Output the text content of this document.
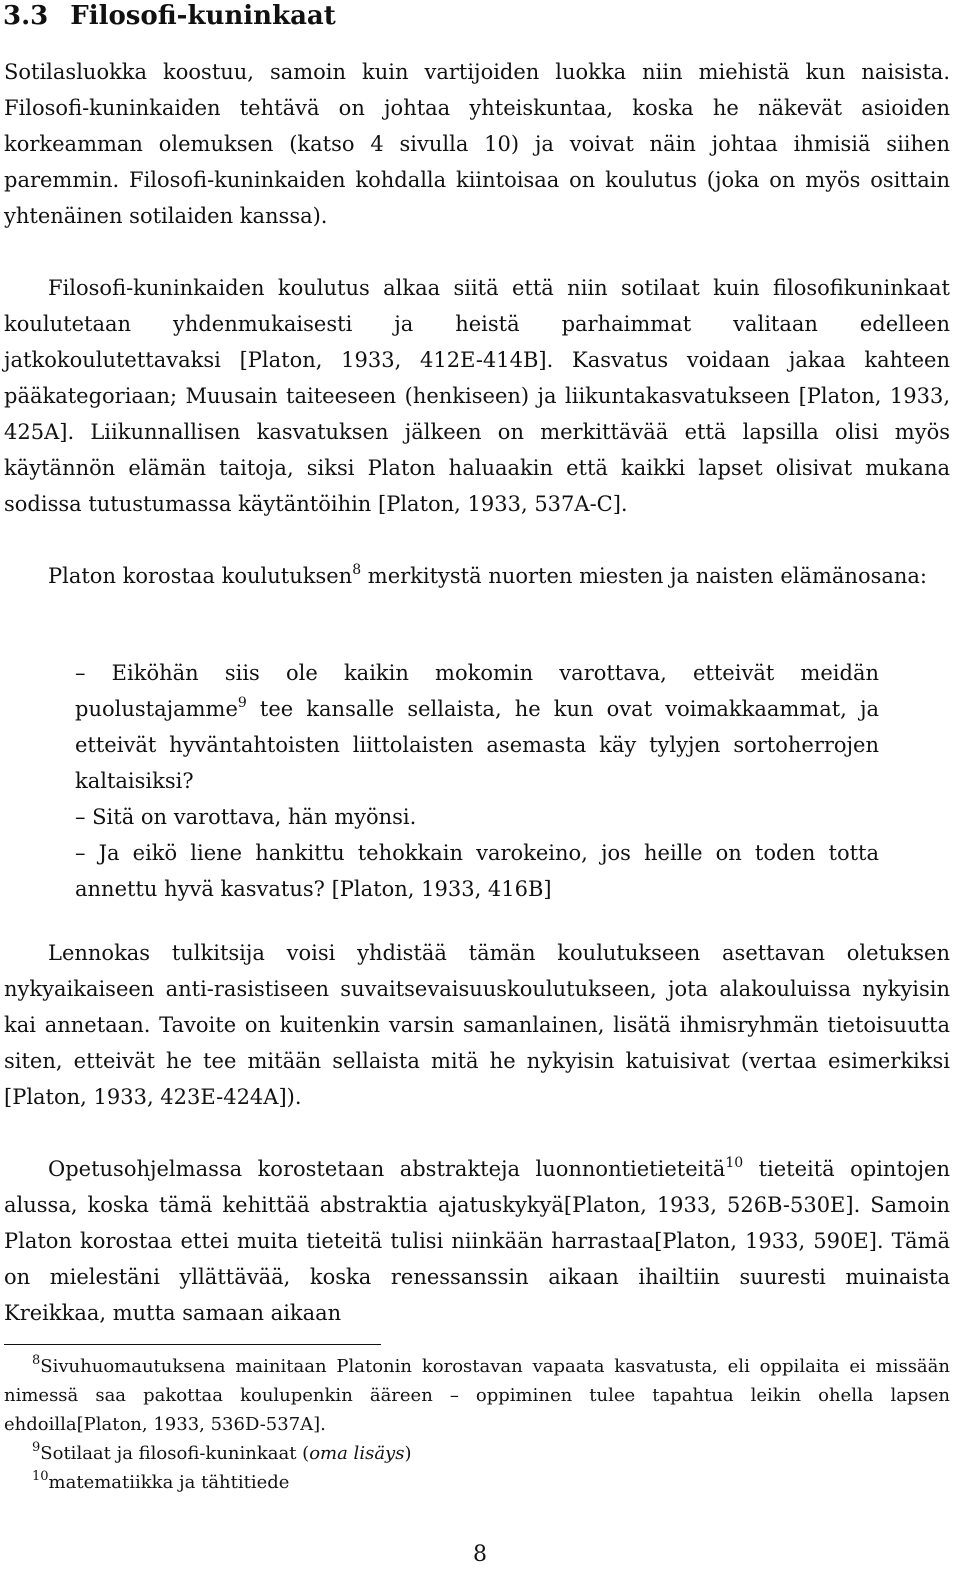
3.3 Filosofi-kuninkaat

Sotilasluokka koostuu, samoin kuin vartijoiden luokka niin miehistä kun naisista. Filosofi-kuninkaiden tehtävä on johtaa yhteiskuntaa, koska he näkevät asioiden korkeamman olemuksen (katso 4 sivulla 10) ja voivat näin johtaa ihmisiä siihen paremmin. Filosofi-kuninkaiden kohdalla kiintoisaa on koulutus (joka on myös osittain yhtenäinen sotilaiden kanssa).

Filosofi-kuninkaiden koulutus alkaa siitä että niin sotilaat kuin filosofikuninkaat koulutetaan yhdenmukaisesti ja heistä parhaimmat valitaan edelleen jatkokoulutettavaksi [Platon, 1933, 412E-414B]. Kasvatus voidaan jakaa kahteen pääkategoriaan; Muusain taiteeseen (henkiseen) ja liikuntakasvatukseen [Platon, 1933, 425A]. Liikunnallisen kasvatuksen jälkeen on merkittävää että lapsilla olisi myös käytännön elämän taitoja, siksi Platon haluaakin että kaikki lapset olisivat mukana sodissa tutustumassa käytäntöihin [Platon, 1933, 537A-C].

Platon korostaa koulutuksen$^8$ merkitystä nuorten miesten ja naisten elämänosana:

– Eiköhän siis ole kaikin mokomin varottava, etteivät meidän puolustajamme$^9$ tee kansalle sellaista, he kun ovat voimakkaammat, ja etteivät hyväntahtoisten liittolaisten asemasta käy tylyjen sortoherrojen kaltaisiksi?

– Sitä on varottava, hän myönsi.

– Ja eikö liene hankittu tehokkain varokeino, jos heille on toden totta annettu hyvä kasvatus? [Platon, 1933, 416B]

Lennokas tulkitsija voisi yhdistää tämän koulutukseen asettavan oletuksen nykyaikaiseen anti-rasistiseen suvaitsevaisuuskoulutukseen, jota alakouluissa nykyisin kai annetaan. Tavoite on kuitenkin varsin samanlainen, lisätä ihmisryhmän tietoisuutta siten, etteivät he tee mitään sellaista mitä he nykyisin katuisivat (vertaa esimerkiksi [Platon, 1933, 423E-424A]).

Opetusohjelmassa korostetaan abstrakteja luonnontietieteitä$^{10}$ tieteitä opintojen alussa, koska tämä kehittää abstraktia ajatuskykyä[Platon, 1933, 526B-530E]. Samoin Platon korostaa ettei muita tieteitä tulisi niinkään harrastaa[Platon, 1933, 590E]. Tämä on mielestäni yllättävää, koska renessanssin aikaan ihailtiin suuresti muinaista Kreikkaa, mutta samaan aikaan

$^8$Sivuhuomautuksena mainitaan Platonin korostavan vapaata kasvatusta, eli oppilaita ei missään nimessä saa pakottaa koulupenkin ääreen – oppiminen tulee tapahtua leikin ohella lapsen ehdoilla[Platon, 1933, 536D-537A].

$^9$Sotilaat ja filosofi-kuninkaat (oma lisäys)

$^{10}$matematiikka ja tähtitiede

8
